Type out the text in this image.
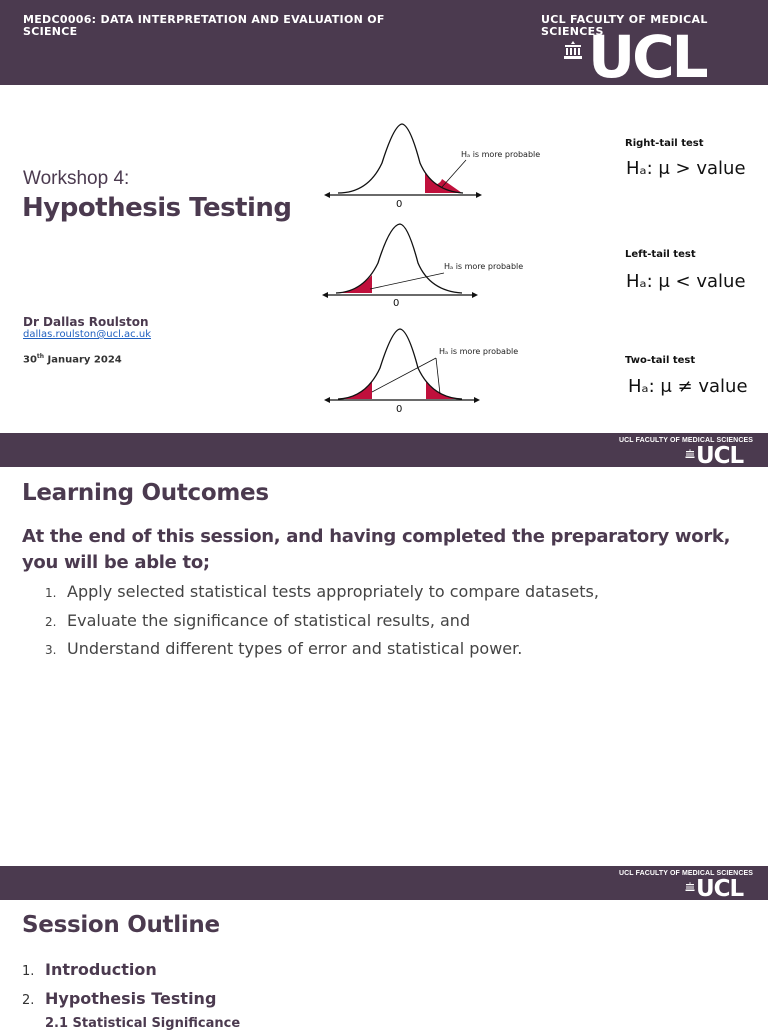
MEDC0006: DATA INTERPRETATION AND EVALUATION OF SCIENCE
UCL FACULTY OF MEDICAL SCIENCES
UCL
Workshop 4:
Hypothesis Testing
Dr Dallas Roulston
dallas.roulston@ucl.ac.uk
30th January 2024
Hₐ is more probable
0
Hₐ is more probable
0
Hₐ is more probable
0
Right-tail test
Hₐ: μ > value
Left-tail test
Hₐ: μ < value
Two-tail test
Hₐ: μ ≠ value
UCL FACULTY OF MEDICAL SCIENCES
UCL
Learning Outcomes
At the end of this session, and having completed the preparatory work, you will be able to;
1. Apply selected statistical tests appropriately to compare datasets,
2. Evaluate the significance of statistical results, and
3. Understand different types of error and statistical power.
UCL FACULTY OF MEDICAL SCIENCES
UCL
Session Outline
1. Introduction
2. Hypothesis Testing
2.1 Statistical Significance
